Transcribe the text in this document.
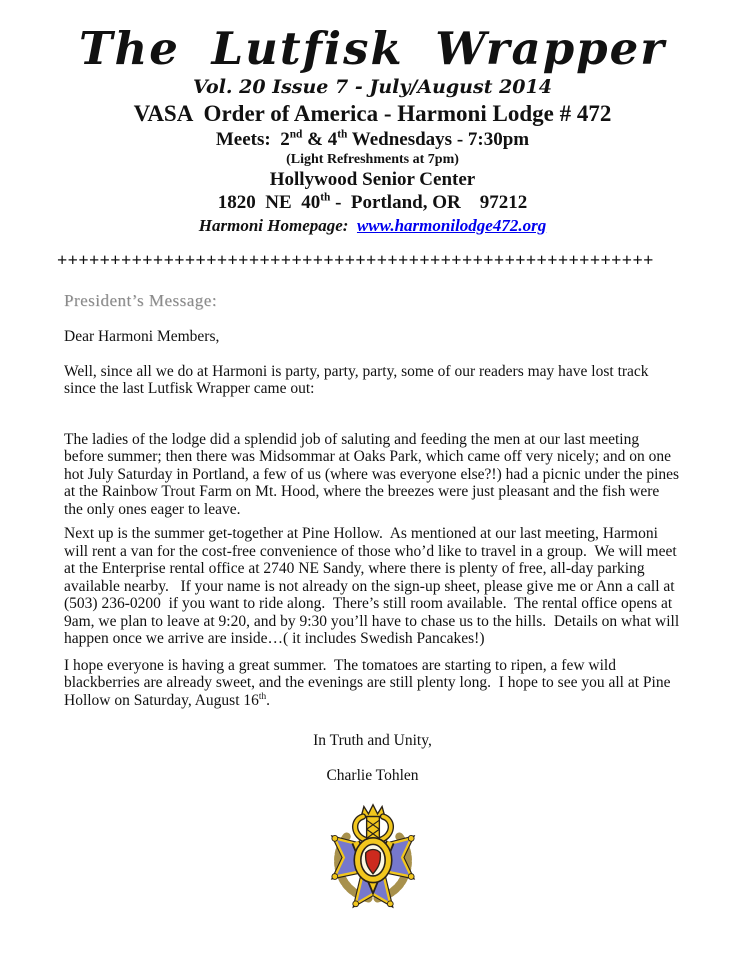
The Lutfisk Wrapper
Vol. 20 Issue 7 - July/August 2014
VASA  Order of America - Harmoni Lodge # 472
Meets:  2nd & 4th Wednesdays - 7:30pm
(Light Refreshments at 7pm)
Hollywood Senior Center
1820  NE  40th -  Portland, OR    97212
Harmoni Homepage:  www.harmonilodge472.org
++++++++++++++++++++++++++++++++++++++++++++++++++++++++
President’s Message:

Dear Harmoni Members,

Well, since all we do at Harmoni is party, party, party, some of our readers may have lost track since the last Lutfisk Wrapper came out:

The ladies of the lodge did a splendid job of saluting and feeding the men at our last meeting before summer; then there was Midsommar at Oaks Park, which came off very nicely; and on one hot July Saturday in Portland, a few of us (where was everyone else?!) had a picnic under the pines at the Rainbow Trout Farm on Mt. Hood, where the breezes were just pleasant and the fish were the only ones eager to leave.

Next up is the summer get-together at Pine Hollow.  As mentioned at our last meeting, Harmoni will rent a van for the cost-free convenience of those who’d like to travel in a group.  We will meet at the Enterprise rental office at 2740 NE Sandy, where there is plenty of free, all-day parking available nearby.   If your name is not already on the sign-up sheet, please give me or Ann a call at (503) 236-0200  if you want to ride along.  There’s still room available.  The rental office opens at 9am, we plan to leave at 9:20, and by 9:30 you’ll have to chase us to the hills.  Details on what will happen once we arrive are inside…( it includes Swedish Pancakes!)

I hope everyone is having a great summer.  The tomatoes are starting to ripen, a few wild blackberries are already sweet, and the evenings are still plenty long.  I hope to see you all at Pine Hollow on Saturday, August 16th.

In Truth and Unity,

Charlie Tohlen
